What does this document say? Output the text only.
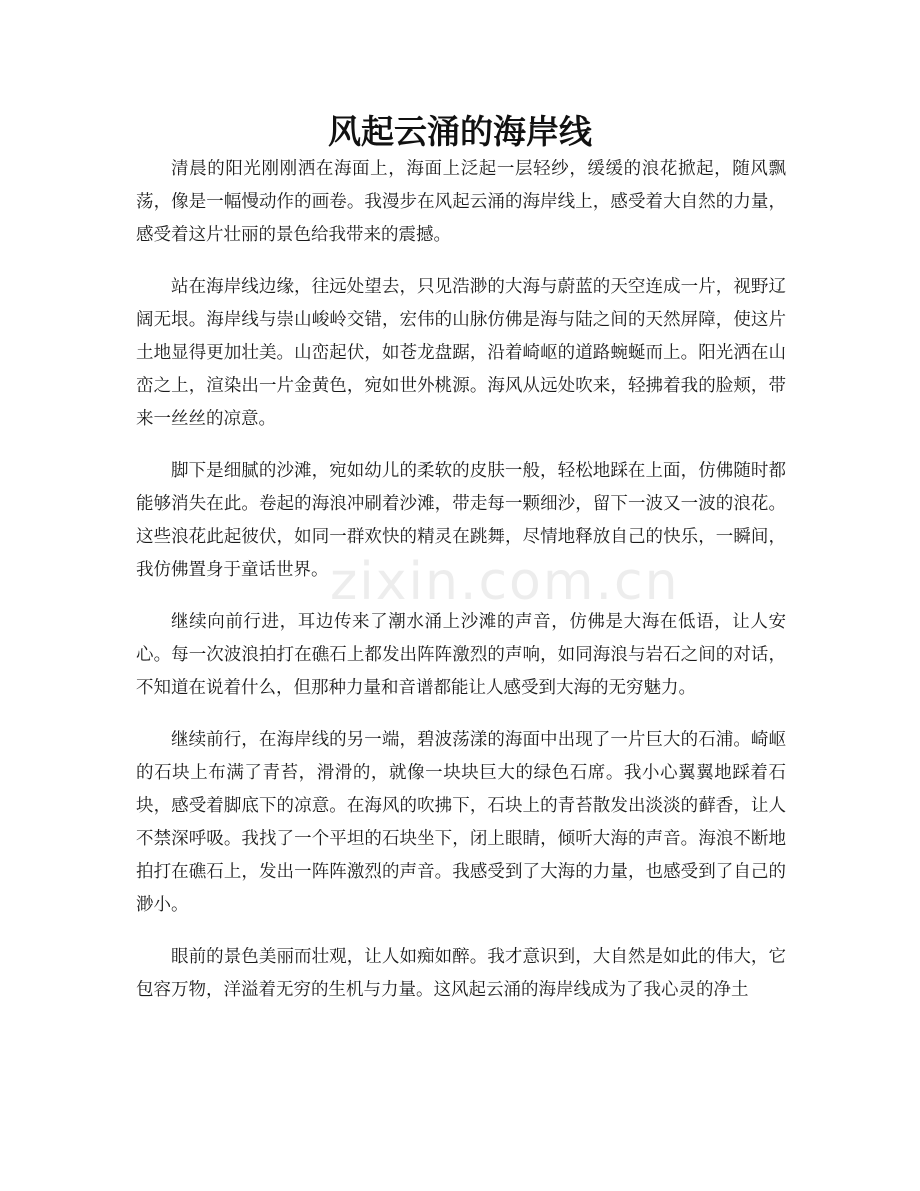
风起云涌的海岸线

清晨的阳光刚刚洒在海面上，海面上泛起一层轻纱，缓缓的浪花掀起，随风飘荡，像是一幅慢动作的画卷。我漫步在风起云涌的海岸线上，感受着大自然的力量，感受着这片壮丽的景色给我带来的震撼。

站在海岸线边缘，往远处望去，只见浩渺的大海与蔚蓝的天空连成一片，视野辽阔无垠。海岸线与崇山峻岭交错，宏伟的山脉仿佛是海与陆之间的天然屏障，使这片土地显得更加壮美。山峦起伏，如苍龙盘踞，沿着崎岖的道路蜿蜒而上。阳光洒在山峦之上，渲染出一片金黄色，宛如世外桃源。海风从远处吹来，轻拂着我的脸颊，带来一丝丝的凉意。

脚下是细腻的沙滩，宛如幼儿的柔软的皮肤一般，轻松地踩在上面，仿佛随时都能够消失在此。卷起的海浪冲刷着沙滩，带走每一颗细沙，留下一波又一波的浪花。这些浪花此起彼伏，如同一群欢快的精灵在跳舞，尽情地释放自己的快乐，一瞬间，我仿佛置身于童话世界。

继续向前行进，耳边传来了潮水涌上沙滩的声音，仿佛是大海在低语，让人安心。每一次波浪拍打在礁石上都发出阵阵激烈的声响，如同海浪与岩石之间的对话，不知道在说着什么，但那种力量和音谱都能让人感受到大海的无穷魅力。

继续前行，在海岸线的另一端，碧波荡漾的海面中出现了一片巨大的石浦。崎岖的石块上布满了青苔，滑滑的，就像一块块巨大的绿色石席。我小心翼翼地踩着石块，感受着脚底下的凉意。在海风的吹拂下，石块上的青苔散发出淡淡的藓香，让人不禁深呼吸。我找了一个平坦的石块坐下，闭上眼睛，倾听大海的声音。海浪不断地拍打在礁石上，发出一阵阵激烈的声音。我感受到了大海的力量，也感受到了自己的渺小。

眼前的景色美丽而壮观，让人如痴如醉。我才意识到，大自然是如此的伟大，它包容万物，洋溢着无穷的生机与力量。这风起云涌的海岸线成为了我心灵的净土

zixin.com.cn
